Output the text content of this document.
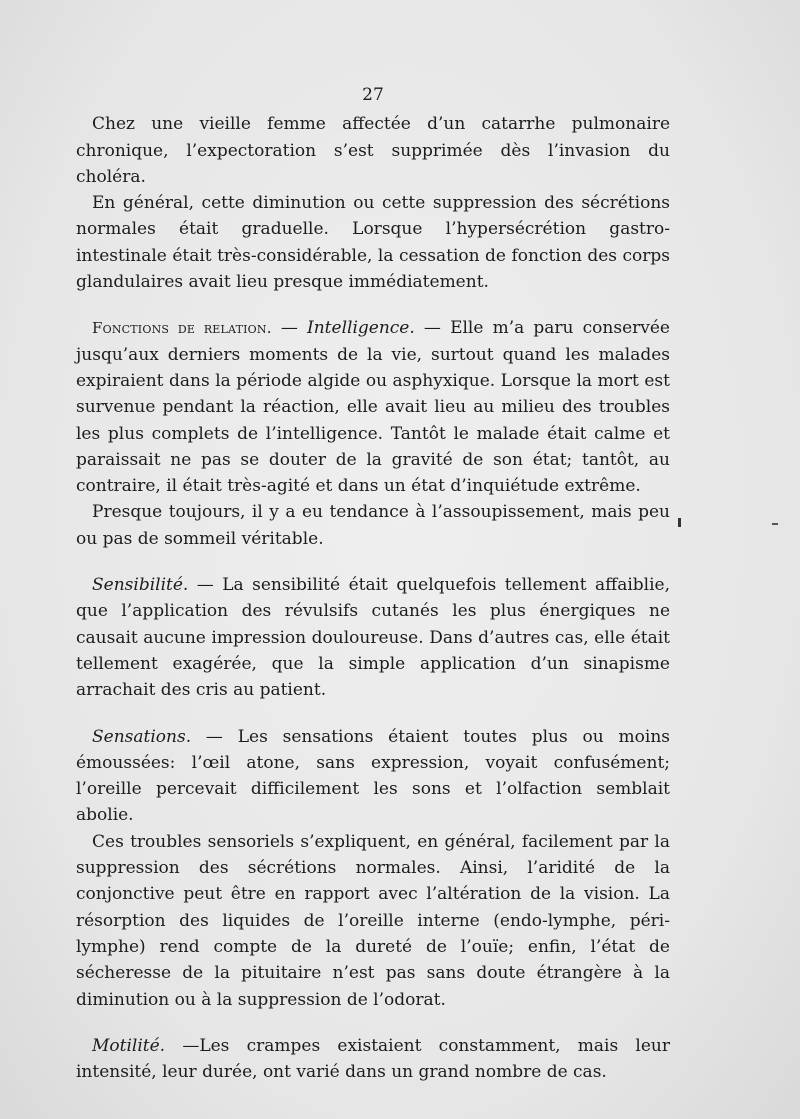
27

Chez une vieille femme affectée d’un catarrhe pulmonaire chronique, l’expectoration s’est supprimée dès l’invasion du choléra.

En général, cette diminution ou cette suppression des sécrétions normales était graduelle. Lorsque l’hypersécrétion gastro-intestinale était très-considérable, la cessation de fonction des corps glandulaires avait lieu presque immédiatement.

Fonctions de relation. — Intelligence. — Elle m’a paru conservée jusqu’aux derniers moments de la vie, surtout quand les malades expiraient dans la période algide ou asphyxique. Lorsque la mort est survenue pendant la réaction, elle avait lieu au milieu des troubles les plus complets de l’intelligence. Tantôt le malade était calme et paraissait ne pas se douter de la gravité de son état; tantôt, au contraire, il était très-agité et dans un état d’inquiétude extrême.

Presque toujours, il y a eu tendance à l’assoupissement, mais peu ou pas de sommeil véritable.

Sensibilité. — La sensibilité était quelquefois tellement affaiblie, que l’application des révulsifs cutanés les plus énergiques ne causait aucune impression douloureuse. Dans d’autres cas, elle était tellement exagérée, que la simple application d’un sinapisme arrachait des cris au patient.

Sensations. — Les sensations étaient toutes plus ou moins émoussées: l’œil atone, sans expression, voyait confusément; l’oreille percevait difficilement les sons et l’olfaction semblait abolie.

Ces troubles sensoriels s’expliquent, en général, facilement par la suppression des sécrétions normales. Ainsi, l’aridité de la conjonctive peut être en rapport avec l’altération de la vision. La résorption des liquides de l’oreille interne (endo-lymphe, péri-lymphe) rend compte de la dureté de l’ouïe; enfin, l’état de sécheresse de la pituitaire n’est pas sans doute étrangère à la diminution ou à la suppression de l’odorat.

Motilité. —Les crampes existaient constamment, mais leur intensité, leur durée, ont varié dans un grand nombre de cas.
